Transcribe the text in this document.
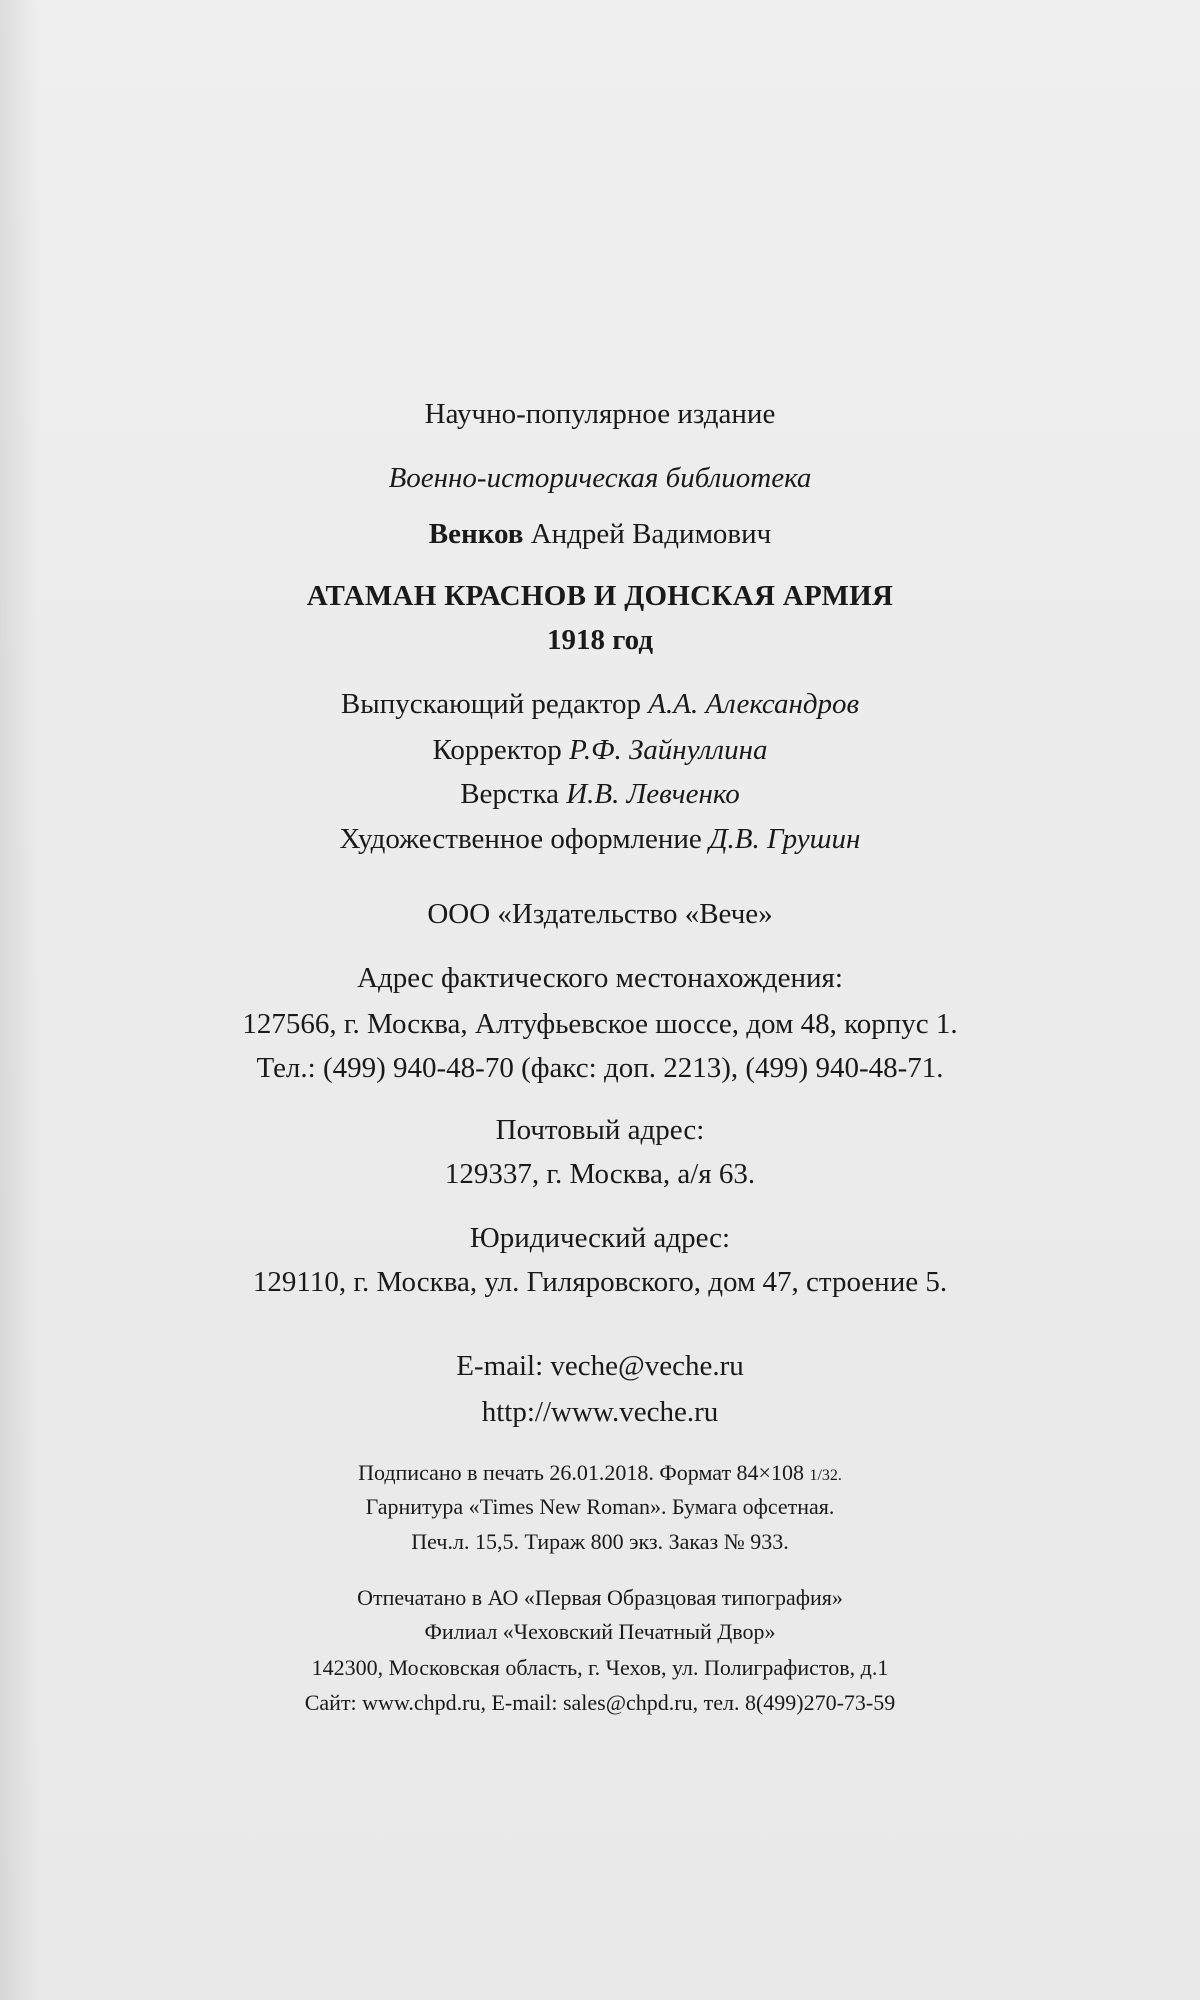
Научно-популярное издание
Военно-историческая библиотека
Венков Андрей Вадимович
АТАМАН КРАСНОВ И ДОНСКАЯ АРМИЯ
1918 год
Выпускающий редактор А.А. Александров
Корректор Р.Ф. Зайнуллина
Верстка И.В. Левченко
Художественное оформление Д.В. Грушин
ООО «Издательство «Вече»
Адрес фактического местонахождения:
127566, г. Москва, Алтуфьевское шоссе, дом 48, корпус 1.
Тел.: (499) 940-48-70 (факс: доп. 2213), (499) 940-48-71.
Почтовый адрес:
129337, г. Москва, а/я 63.
Юридический адрес:
129110, г. Москва, ул. Гиляровского, дом 47, строение 5.
E-mail: veche@veche.ru
http://www.veche.ru
Подписано в печать 26.01.2018. Формат 84×108 1/32.
Гарнитура «Times New Roman». Бумага офсетная.
Печ.л. 15,5. Тираж 800 экз. Заказ № 933.
Отпечатано в АО «Первая Образцовая типография»
Филиал «Чеховский Печатный Двор»
142300, Московская область, г. Чехов, ул. Полиграфистов, д.1
Сайт: www.chpd.ru, E-mail: sales@chpd.ru, тел. 8(499)270-73-59
